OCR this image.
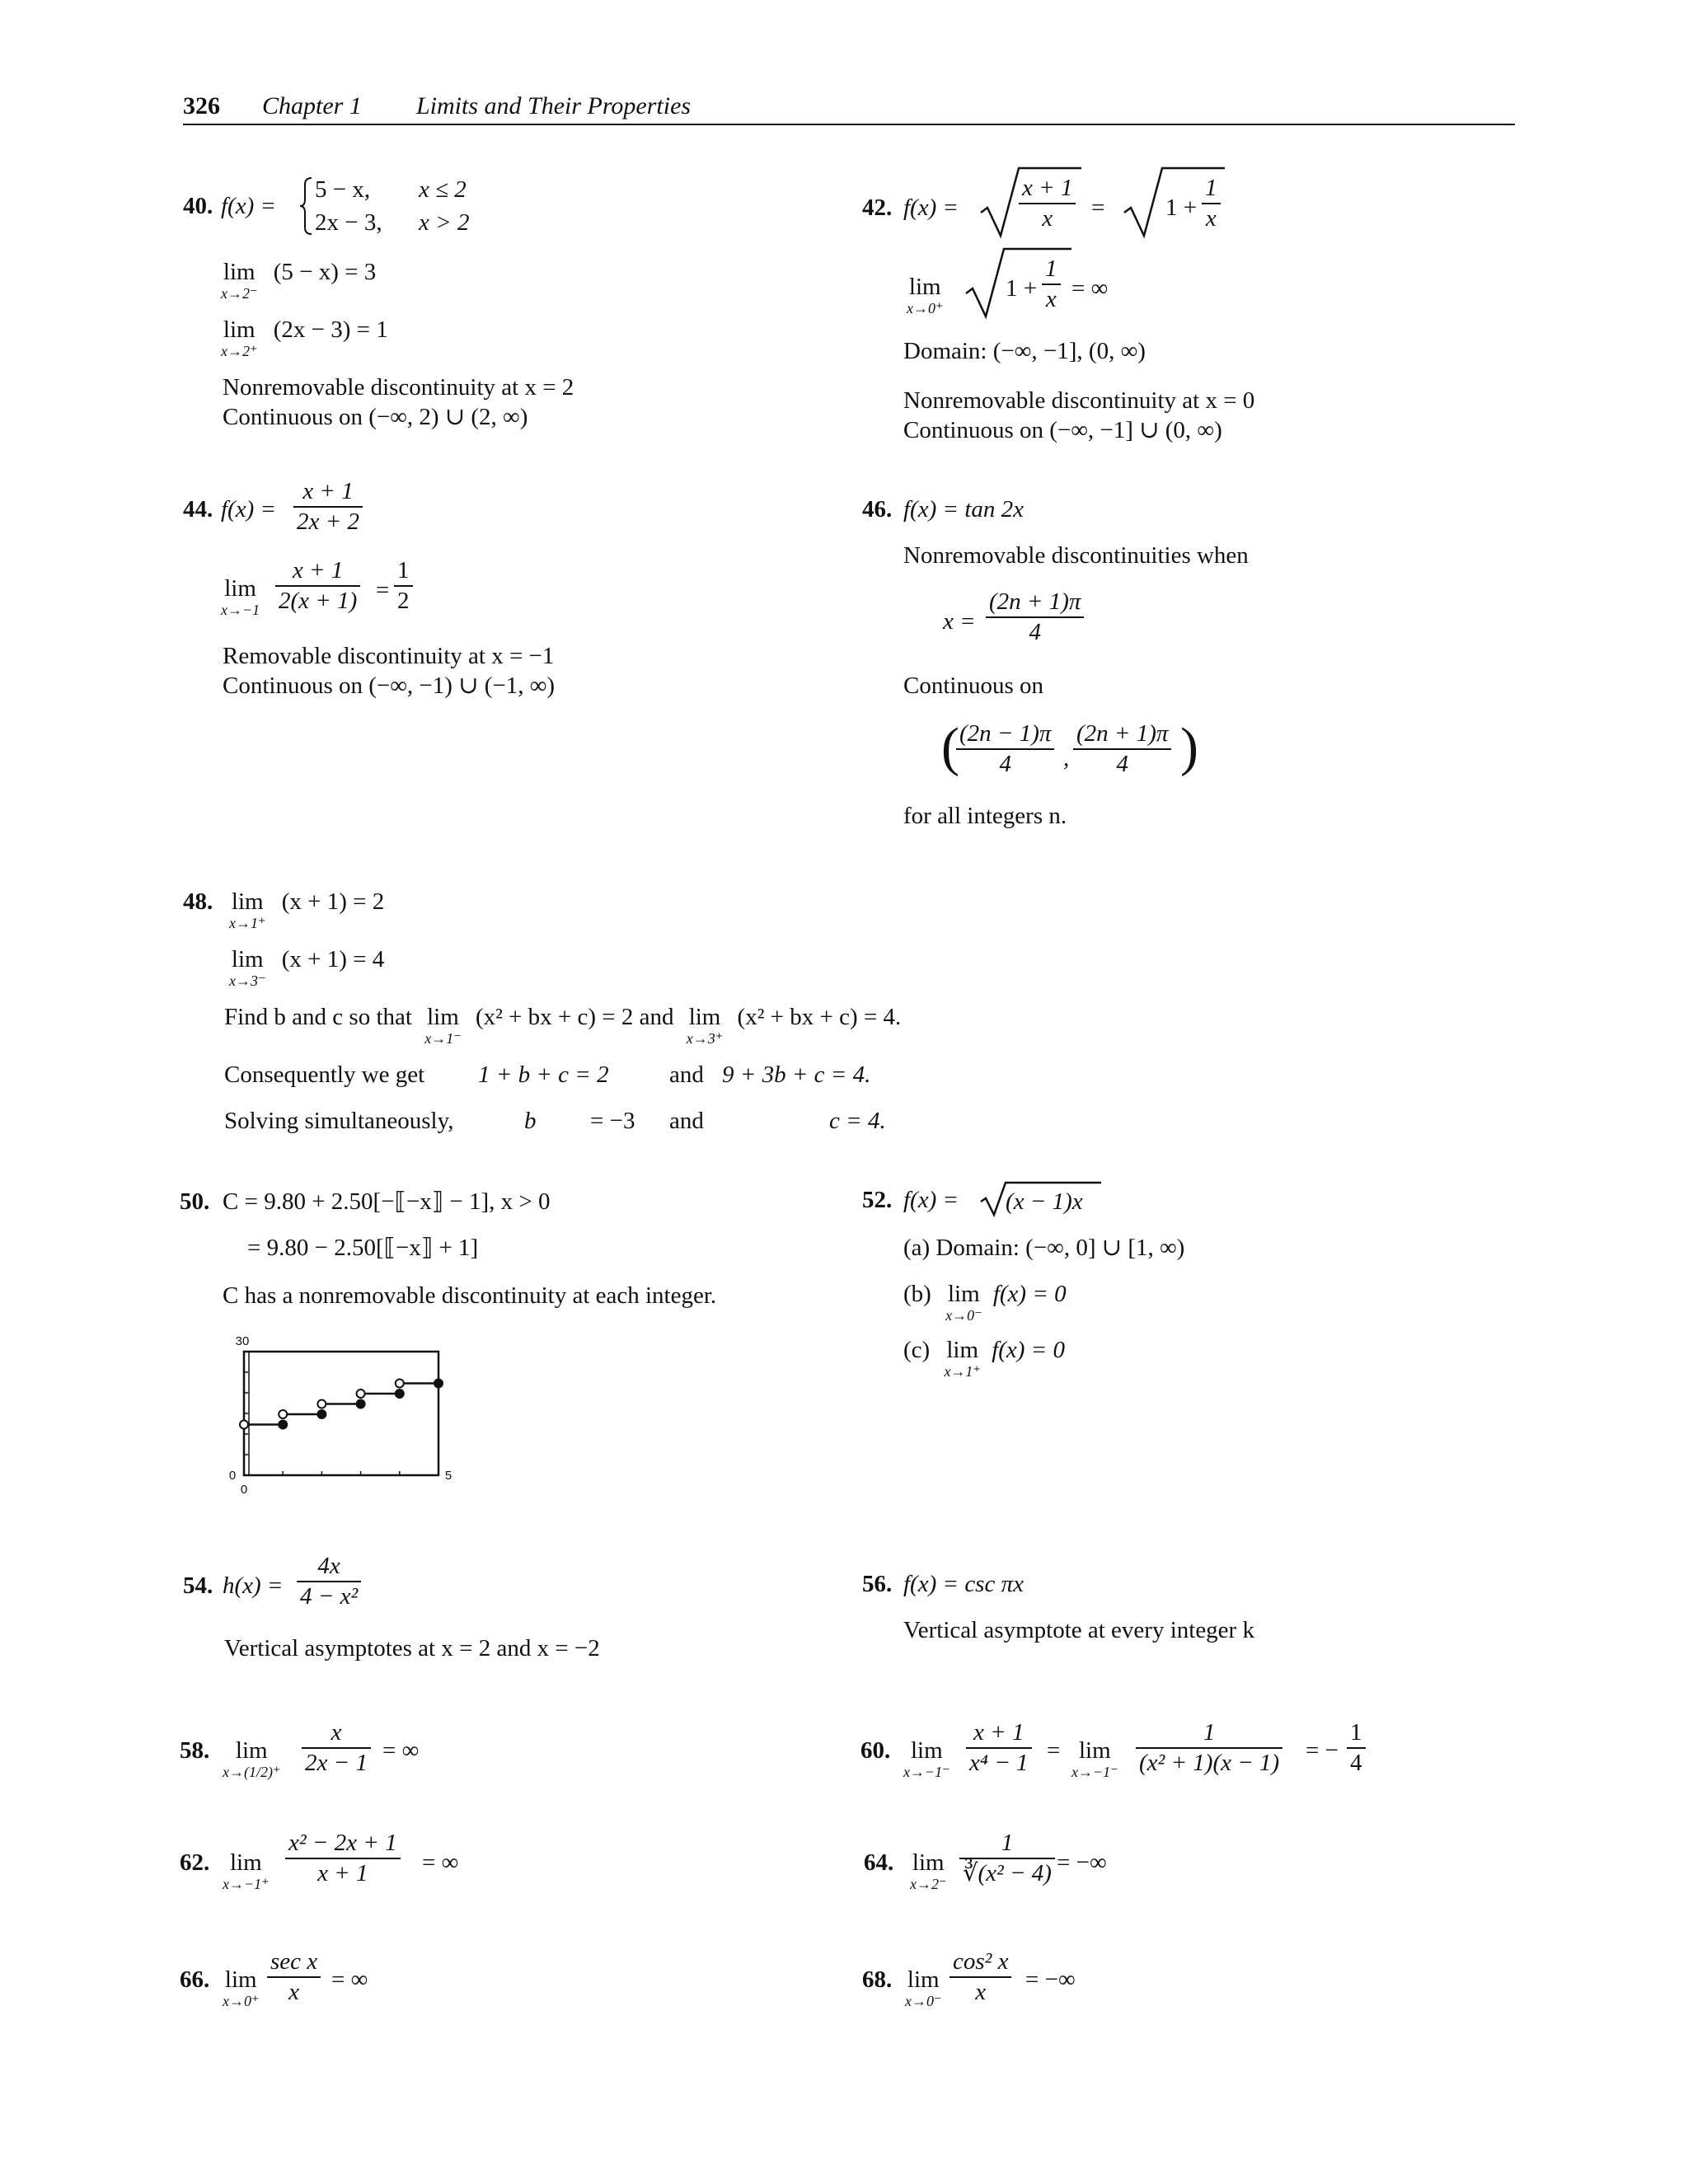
326 Chapter 1 Limits and Their Properties
40. f(x) =
5 − x, x ≤ 2
2x − 3, x > 2
lim
x→2⁻
(5 − x) = 3
lim
x→2⁺
(2x − 3) = 1
Nonremovable discontinuity at x = 2
Continuous on (−∞, 2) ∪ (2, ∞)
42. f(x) =	$\frac{x + 1}{x}$ =	$1 + \frac{1}{x}$
lim
x→0⁺
$1 + \frac{1}{x}$ = ∞
Domain: (−∞, −1], (0, ∞)
Nonremovable discontinuity at x = 0
Continuous on (−∞, −1] ∪ (0, ∞)
44. $f(x) = \frac{x + 1}{2x + 2}$
lim
$x\to-1 \frac{x + 1}{2(x + 1)} = \frac{1}{2}$
Removable discontinuity at x = −1
Continuous on (−∞, −1) ∪ (−1, ∞)
46. f(x) = tan 2x
Nonremovable discontinuities when
$x = \frac{(2n + 1)\pi}{4}$
Continuous on
(
$\frac{(2n - 1)\pi}{4}$ , $\frac{(2n + 1)\pi}{4}$ )
for all integers n.
48. lim
x→1⁺
(x + 1) = 2
lim
x→3⁻
(x + 1) = 4
Find b and c so that lim
x→1⁻
(x² + bx + c) = 2 and lim
x→3⁺
(x² + bx + c) = 4.
Consequently we get 1 + b + c = 2	and 9 + 3b + c = 4.
Solving simultaneously,	b = −3 and	c = 4.
50. C = 9.80 + 2.50[−⟦−x⟧ − 1], x > 0
= 9.80 − 2.50[⟦−x⟧ + 1]
C has a nonremovable discontinuity at each integer.
30
0
0
5
52. f(x) = (x − 1)x
(a) Domain: (−∞, 0] ∪ [1, ∞)
(b) lim
x→0⁻
f(x) = 0
(c) lim
x→1⁺
f(x) = 0
54. $h(x) = \frac{4x}{\text{4 − x²}}$
Vertical asymptotes at x = 2 and x = −2
56. f(x) = csc πx
Vertical asymptote at every integer k
58.	lim
$x\to(1/2)^+ \frac{x}{2x - 1}$ = ∞	60. lim
$x\to-1^- \frac{x + 1}{\text{x⁴ − 1}} = \lim$
$x\to-1^- \frac{1}{\text{(x² + 1)(x − 1)}}$ = − $\frac{1}{4}$
62. lim
$x\to-1^+ \frac{\text{x² − 2x + 1}}{x + 1}$ = ∞	64. lim
$x\to 2^- \frac{1}{\text{∛(x² − 4)}}$ = −∞
66. lim
$x\to 0^+ \frac{\text{sec x}}{x}$ = ∞	68. lim
$x\to 0^- \frac{\text{cos² x}}{x}$ = −∞
